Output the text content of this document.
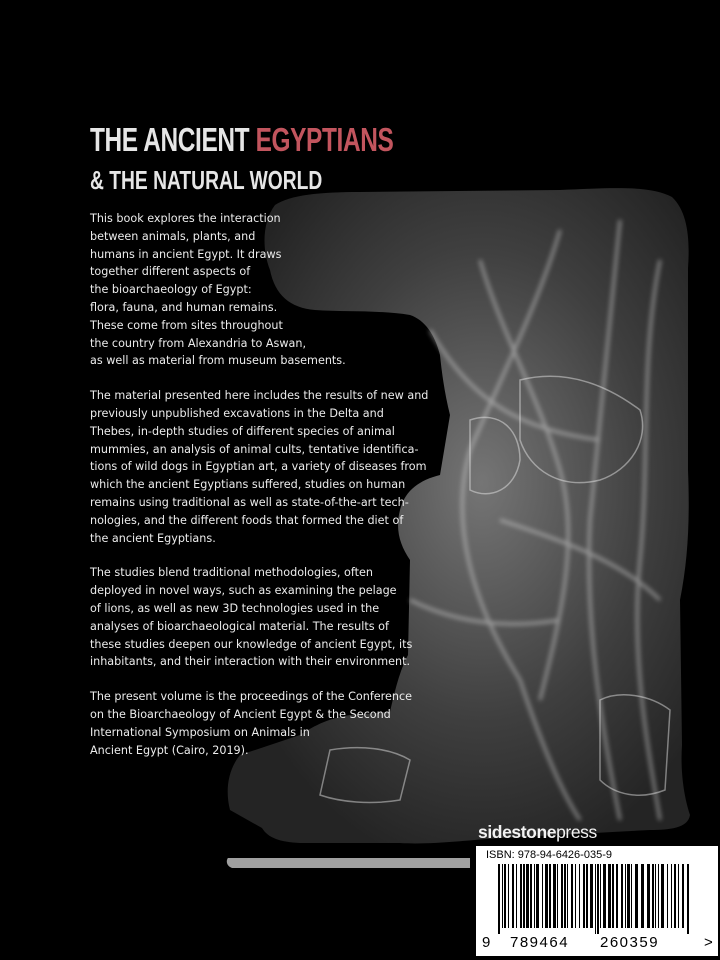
THE ANCIENT EGYPTIANS
& THE NATURAL WORLD

This book explores the interaction
between animals, plants, and
humans in ancient Egypt. It draws
together different aspects of
the bioarchaeology of Egypt:
flora, fauna, and human remains.
These come from sites throughout
the country from Alexandria to Aswan,
as well as material from museum basements.

The material presented here includes the results of new and
previously unpublished excavations in the Delta and
Thebes, in-depth studies of different species of animal
mummies, an analysis of animal cults, tentative identifica-
tions of wild dogs in Egyptian art, a variety of diseases from
which the ancient Egyptians suffered, studies on human
remains using traditional as well as state-of-the-art tech-
nologies, and the different foods that formed the diet of
the ancient Egyptians.

The studies blend traditional methodologies, often
deployed in novel ways, such as examining the pelage
of lions, as well as new 3D technologies used in the
analyses of bioarchaeological material. The results of
these studies deepen our knowledge of ancient Egypt, its
inhabitants, and their interaction with their environment.

The present volume is the proceedings of the Conference
on the Bioarchaeology of Ancient Egypt & the Second
International Symposium on Animals in
Ancient Egypt (Cairo, 2019).

sidestonepress
ISBN: 978-94-6426-035-9
9 789464 260359	>
